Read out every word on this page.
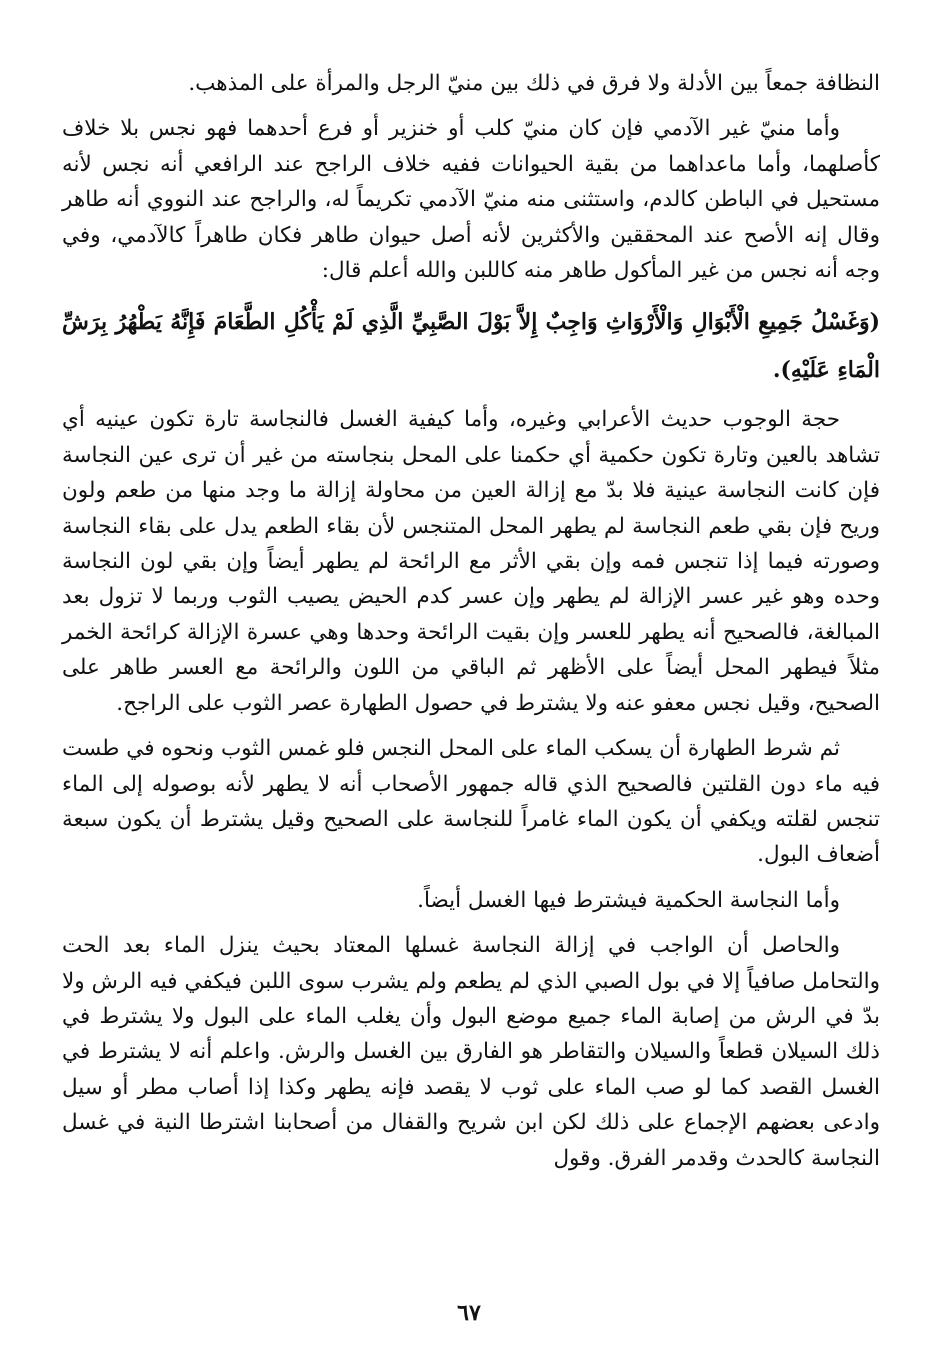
النظافة جمعاً بين الأدلة ولا فرق في ذلك بين منيّ الرجل والمرأة على المذهب.

وأما منيّ غير الآدمي فإن كان منيّ كلب أو خنزير أو فرع أحدهما فهو نجس بلا خلاف كأصلهما، وأما ماعداهما من بقية الحيوانات ففيه خلاف الراجح عند الرافعي أنه نجس لأنه مستحيل في الباطن كالدم، واستثنى منه منيّ الآدمي تكريماً له، والراجح عند النووي أنه طاهر وقال إنه الأصح عند المحققين والأكثرين لأنه أصل حيوان طاهر فكان طاهراً كالآدمي، وفي وجه أنه نجس من غير المأكول طاهر منه كاللبن والله أعلم قال:

(وَغَسْلُ جَمِيعِ الْأَبْوَالِ وَالْأَرْوَاثِ وَاجِبٌ إِلاَّ بَوْلَ الصَّبِيِّ الَّذِي لَمْ يَأْكُلِ الطَّعَامَ فَإِنَّهُ يَطْهُرُ بِرَشِّ الْمَاءِ عَلَيْهِ).

حجة الوجوب حديث الأعرابي وغيره، وأما كيفية الغسل فالنجاسة تارة تكون عينيه أي تشاهد بالعين وتارة تكون حكمية أي حكمنا على المحل بنجاسته من غير أن ترى عين النجاسة فإن كانت النجاسة عينية فلا بدّ مع إزالة العين من محاولة إزالة ما وجد منها من طعم ولون وريح فإن بقي طعم النجاسة لم يطهر المحل المتنجس لأن بقاء الطعم يدل على بقاء النجاسة وصورته فيما إذا تنجس فمه وإن بقي الأثر مع الرائحة لم يطهر أيضاً وإن بقي لون النجاسة وحده وهو غير عسر الإزالة لم يطهر وإن عسر كدم الحيض يصيب الثوب وربما لا تزول بعد المبالغة، فالصحيح أنه يطهر للعسر وإن بقيت الرائحة وحدها وهي عسرة الإزالة كرائحة الخمر مثلاً فيطهر المحل أيضاً على الأظهر ثم الباقي من اللون والرائحة مع العسر طاهر على الصحيح، وقيل نجس معفو عنه ولا يشترط في حصول الطهارة عصر الثوب على الراجح.

ثم شرط الطهارة أن يسكب الماء على المحل النجس فلو غمس الثوب ونحوه في طست فيه ماء دون القلتين فالصحيح الذي قاله جمهور الأصحاب أنه لا يطهر لأنه بوصوله إلى الماء تنجس لقلته ويكفي أن يكون الماء غامراً للنجاسة على الصحيح وقيل يشترط أن يكون سبعة أضعاف البول.

وأما النجاسة الحكمية فيشترط فيها الغسل أيضاً.

والحاصل أن الواجب في إزالة النجاسة غسلها المعتاد بحيث ينزل الماء بعد الحت والتحامل صافياً إلا في بول الصبي الذي لم يطعم ولم يشرب سوى اللبن فيكفي فيه الرش ولا بدّ في الرش من إصابة الماء جميع موضع البول وأن يغلب الماء على البول ولا يشترط في ذلك السيلان قطعاً والسيلان والتقاطر هو الفارق بين الغسل والرش. واعلم أنه لا يشترط في الغسل القصد كما لو صب الماء على ثوب لا يقصد فإنه يطهر وكذا إذا أصاب مطر أو سيل وادعى بعضهم الإجماع على ذلك لكن ابن شريح والقفال من أصحابنا اشترطا النية في غسل النجاسة كالحدث وقدمر الفرق. وقول

٦٧
